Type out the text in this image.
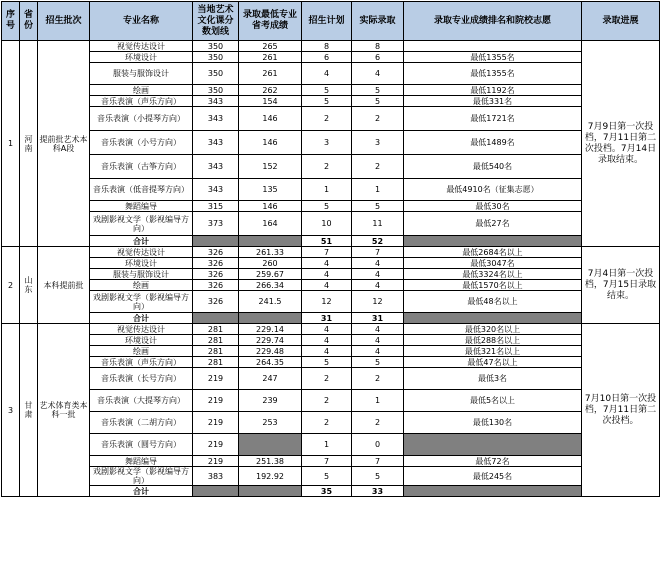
序号	省份	招生批次	专业名称	当地艺术文化课分数划线	录取最低专业省考成绩	招生计划	实际录取	录取专业成绩排名和院校志愿	录取进展
1	河南	提前批艺术本科A段	视觉传达设计	350	265	8	8		7月9日第一次投档，7月11日第二次投档。7月14日录取结束。
			环境设计	350	261	6	6	最低1355名	
			服装与服饰设计	350	261	4	4	最低1355名	
			绘画	350	262	5	5	最低1192名	
			音乐表演（声乐方向）	343	154	5	5	最低331名	
			音乐表演（小提琴方向）	343	146	2	2	最低1721名	
			音乐表演（小号方向）	343	146	3	3	最低1489名	
			音乐表演（古筝方向）	343	152	2	2	最低540名	
			音乐表演（低音提琴方向）	343	135	1	1	最低4910名（征集志愿）	
			舞蹈编导	315	146	5	5	最低30名	
			戏剧影视文学（影视编导方向）	373	164	10	11	最低27名	
			合计			51	52		
2	山东	本科提前批	视觉传达设计	326	261.33	7	7	最低2684名以上	7月4日第一次投档，7月15日录取结束。
			环境设计	326	260	4	4	最低3047名	
			服装与服饰设计	326	259.67	4	4	最低3324名以上	
			绘画	326	266.34	4	4	最低1570名以上	
			戏剧影视文学（影视编导方向）	326	241.5	12	12	最低48名以上	
			合计			31	31		
3	甘肃	艺术体育类本科一批	视觉传达设计	281	229.14	4	4	最低320名以上	7月10日第一次投档，7月11日第二次投档。
			环境设计	281	229.74	4	4	最低288名以上	
			绘画	281	229.48	4	4	最低321名以上	
			音乐表演（声乐方向）	281	264.35	5	5	最低47名以上	
			音乐表演（长号方向）	219	247	2	2	最低3名	
			音乐表演（大提琴方向）	219	239	2	1	最低5名以上	
			音乐表演（二胡方向）	219	253	2	2	最低130名	
			音乐表演（圆号方向）	219		1	0		
			舞蹈编导	219	251.38	7	7	最低72名	
			戏剧影视文学（影视编导方向）	383	192.92	5	5	最低245名	
			合计			35	33		
